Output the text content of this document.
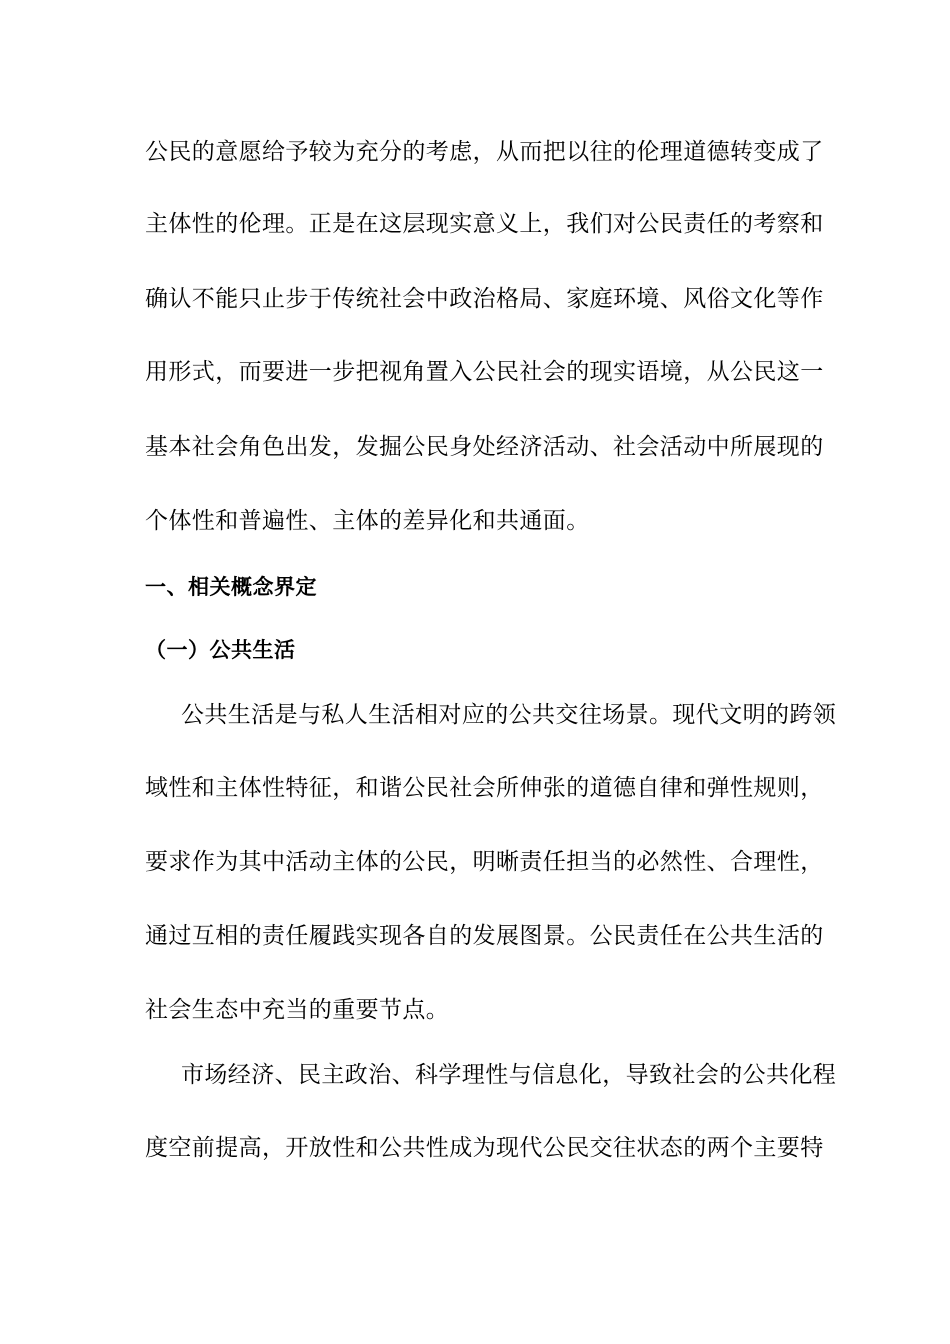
公民的意愿给予较为充分的考虑，从而把以往的伦理道德转变成了
主体性的伦理。正是在这层现实意义上，我们对公民责任的考察和
确认不能只止步于传统社会中政治格局、家庭环境、风俗文化等作
用形式，而要进一步把视角置入公民社会的现实语境，从公民这一
基本社会角色出发，发掘公民身处经济活动、社会活动中所展现的
个体性和普遍性、主体的差异化和共通面。
一、相关概念界定
（一）公共生活
公共生活是与私人生活相对应的公共交往场景。现代文明的跨领
域性和主体性特征，和谐公民社会所伸张的道德自律和弹性规则，
要求作为其中活动主体的公民，明晰责任担当的必然性、合理性，
通过互相的责任履践实现各自的发展图景。公民责任在公共生活的
社会生态中充当的重要节点。
市场经济、民主政治、科学理性与信息化，导致社会的公共化程
度空前提高，开放性和公共性成为现代公民交往状态的两个主要特
